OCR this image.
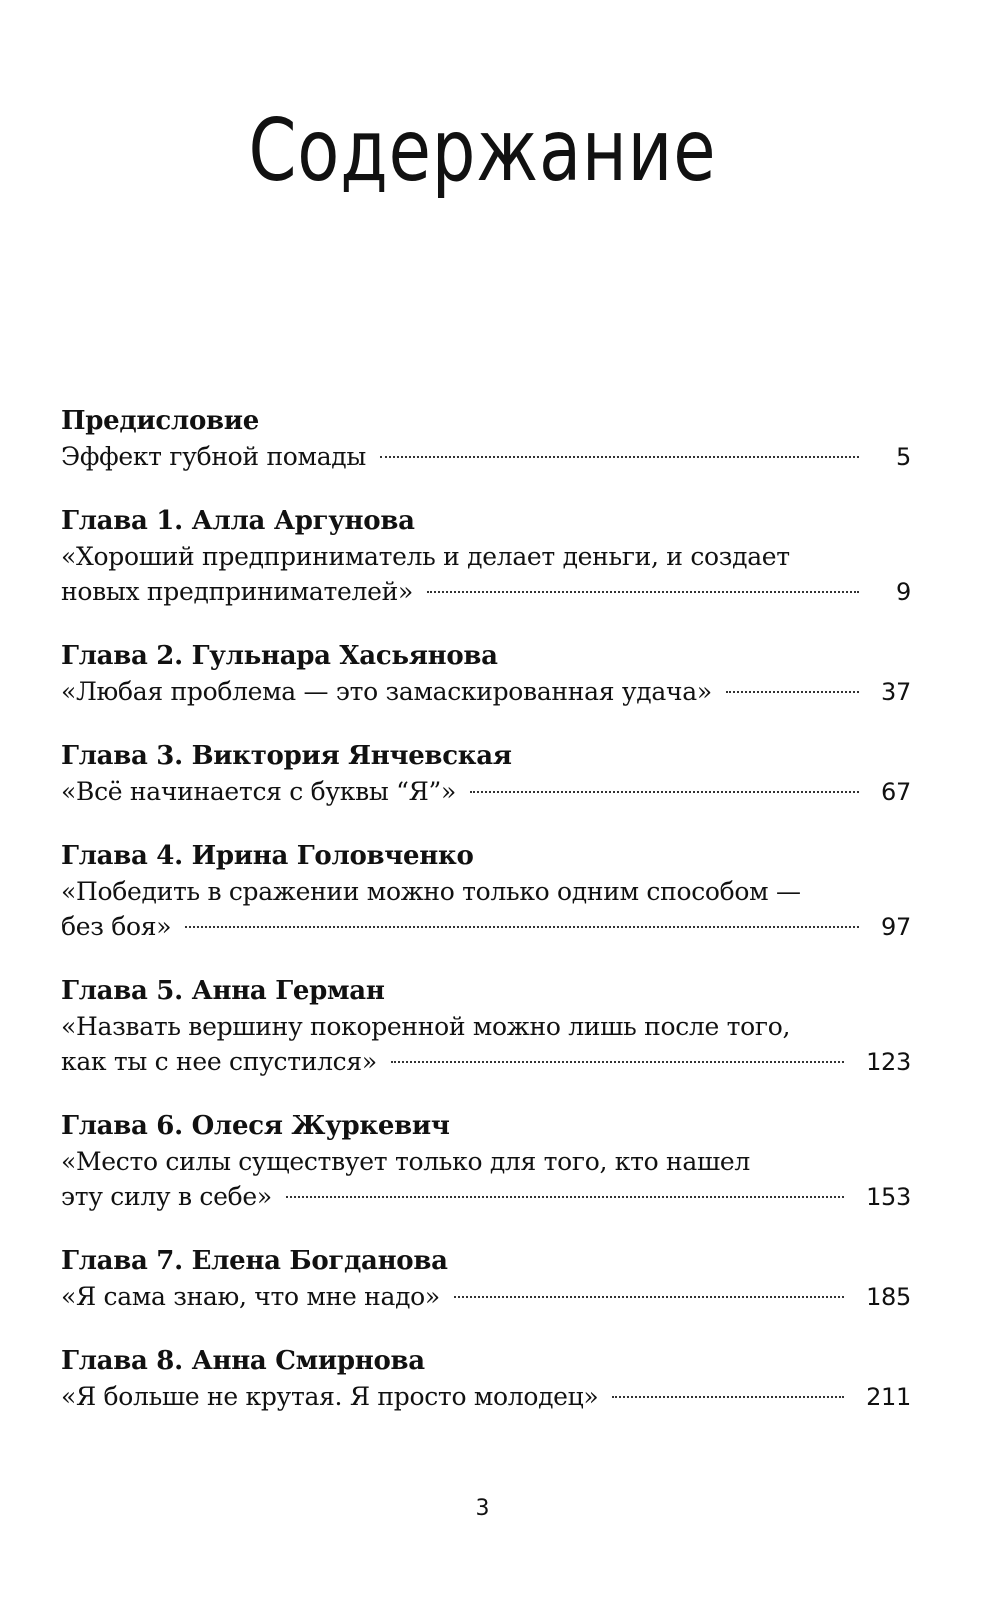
Содержание
Предисловие
Эффект губной помады	5
Глава 1. Алла Аргунова
«Хороший предприниматель и делает деньги, и создает
новых предпринимателей»	9
Глава 2. Гульнара Хасьянова
«Любая проблема — это замаскированная удача»	37
Глава 3. Виктория Янчевская
«Всё начинается с буквы “Я”»	67
Глава 4. Ирина Головченко
«Победить в сражении можно только одним способом —
без боя»	97
Глава 5. Анна Герман
«Назвать вершину покоренной можно лишь после того,
как ты с нее спустился»	123
Глава 6. Олеся Журкевич
«Место силы существует только для того, кто нашел
эту силу в себе»	153
Глава 7. Елена Богданова
«Я сама знаю, что мне надо»	185
Глава 8. Анна Смирнова
«Я больше не крутая. Я просто молодец»	211
3
